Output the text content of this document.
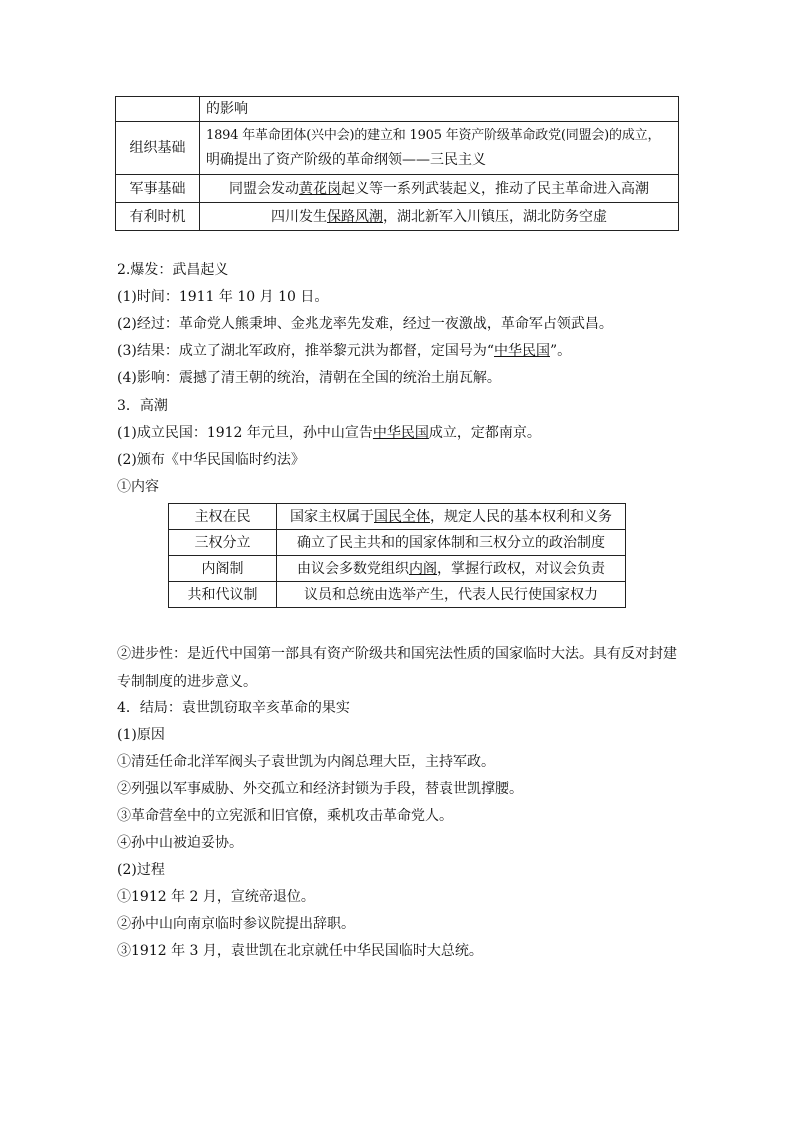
	的影响
组织基础	1894 年革命团体(兴中会)的建立和 1905 年资产阶级革命政党(同盟会)的成立，
明确提出了资产阶级的革命纲领——三民主义

军事基础	同盟会发动黄花岗起义等一系列武装起义，推动了民主革命进入高潮
有利时机	四川发生保路风潮，湖北新军入川镇压，湖北防务空虚
2.爆发：武昌起义
(1)时间：1911 年 10 月 10 日。
(2)经过：革命党人熊秉坤、金兆龙率先发难，经过一夜激战，革命军占领武昌。
(3)结果：成立了湖北军政府，推举黎元洪为都督，定国号为“中华民国”。
(4)影响：震撼了清王朝的统治，清朝在全国的统治土崩瓦解。
3．高潮
(1)成立民国：1912 年元旦，孙中山宣告中华民国成立，定都南京。
(2)颁布《中华民国临时约法》
①内容
主权在民	国家主权属于国民全体，规定人民的基本权利和义务
三权分立	确立了民主共和的国家体制和三权分立的政治制度
内阁制	由议会多数党组织内阁，掌握行政权，对议会负责
共和代议制	议员和总统由选举产生，代表人民行使国家权力
②进步性：是近代中国第一部具有资产阶级共和国宪法性质的国家临时大法。具有反对封建专制制度的进步意义。
4．结局：袁世凯窃取辛亥革命的果实
(1)原因
①清廷任命北洋军阀头子袁世凯为内阁总理大臣，主持军政。
②列强以军事威胁、外交孤立和经济封锁为手段，替袁世凯撑腰。
③革命营垒中的立宪派和旧官僚，乘机攻击革命党人。
④孙中山被迫妥协。
(2)过程
①1912 年 2 月，宣统帝退位。
②孙中山向南京临时参议院提出辞职。
③1912 年 3 月，袁世凯在北京就任中华民国临时大总统。
